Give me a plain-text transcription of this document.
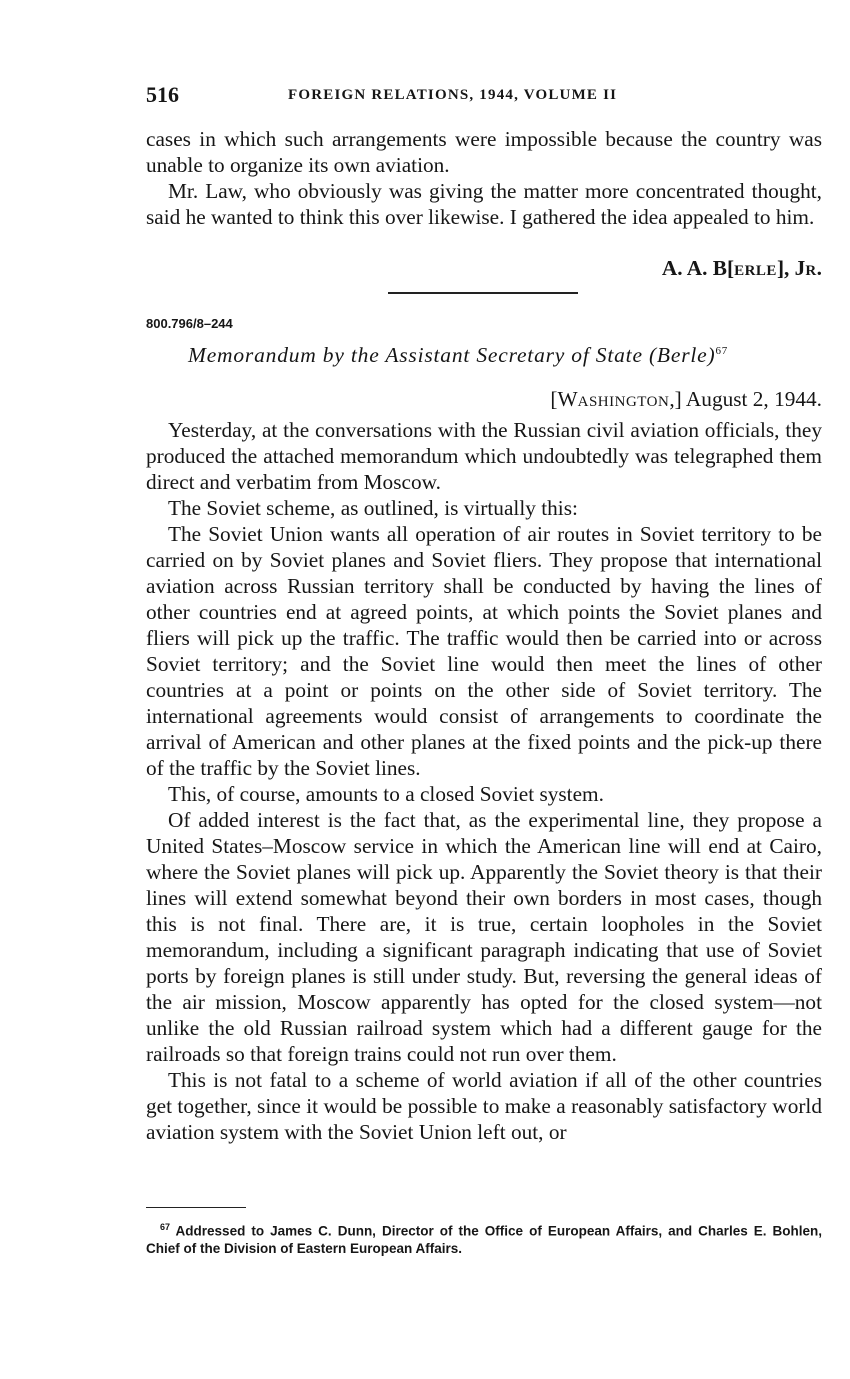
516	FOREIGN RELATIONS, 1944, VOLUME II

cases in which such arrangements were impossible because the country was unable to organize its own aviation.

Mr. Law, who obviously was giving the matter more concentrated thought, said he wanted to think this over likewise. I gathered the idea appealed to him.

A. A. B[ERLE], JR.
800.796/8–244
Memorandum by the Assistant Secretary of State (Berle)$^{67}$
[WASHINGTON,] August 2, 1944.

Yesterday, at the conversations with the Russian civil aviation officials, they produced the attached memorandum which undoubtedly was telegraphed them direct and verbatim from Moscow.

The Soviet scheme, as outlined, is virtually this:

The Soviet Union wants all operation of air routes in Soviet territory to be carried on by Soviet planes and Soviet fliers. They propose that international aviation across Russian territory shall be conducted by having the lines of other countries end at agreed points, at which points the Soviet planes and fliers will pick up the traffic. The traffic would then be carried into or across Soviet territory; and the Soviet line would then meet the lines of other countries at a point or points on the other side of Soviet territory. The international agreements would consist of arrangements to coordinate the arrival of American and other planes at the fixed points and the pick-up there of the traffic by the Soviet lines.

This, of course, amounts to a closed Soviet system.

Of added interest is the fact that, as the experimental line, they propose a United States–Moscow service in which the American line will end at Cairo, where the Soviet planes will pick up. Apparently the Soviet theory is that their lines will extend somewhat beyond their own borders in most cases, though this is not final. There are, it is true, certain loopholes in the Soviet memorandum, including a significant paragraph indicating that use of Soviet ports by foreign planes is still under study. But, reversing the general ideas of the air mission, Moscow apparently has opted for the closed system—not unlike the old Russian railroad system which had a different gauge for the railroads so that foreign trains could not run over them.

This is not fatal to a scheme of world aviation if all of the other countries get together, since it would be possible to make a reasonably satisfactory world aviation system with the Soviet Union left out, or

$^{67}$ Addressed to James C. Dunn, Director of the Office of European Affairs, and Charles E. Bohlen, Chief of the Division of Eastern European Affairs.
